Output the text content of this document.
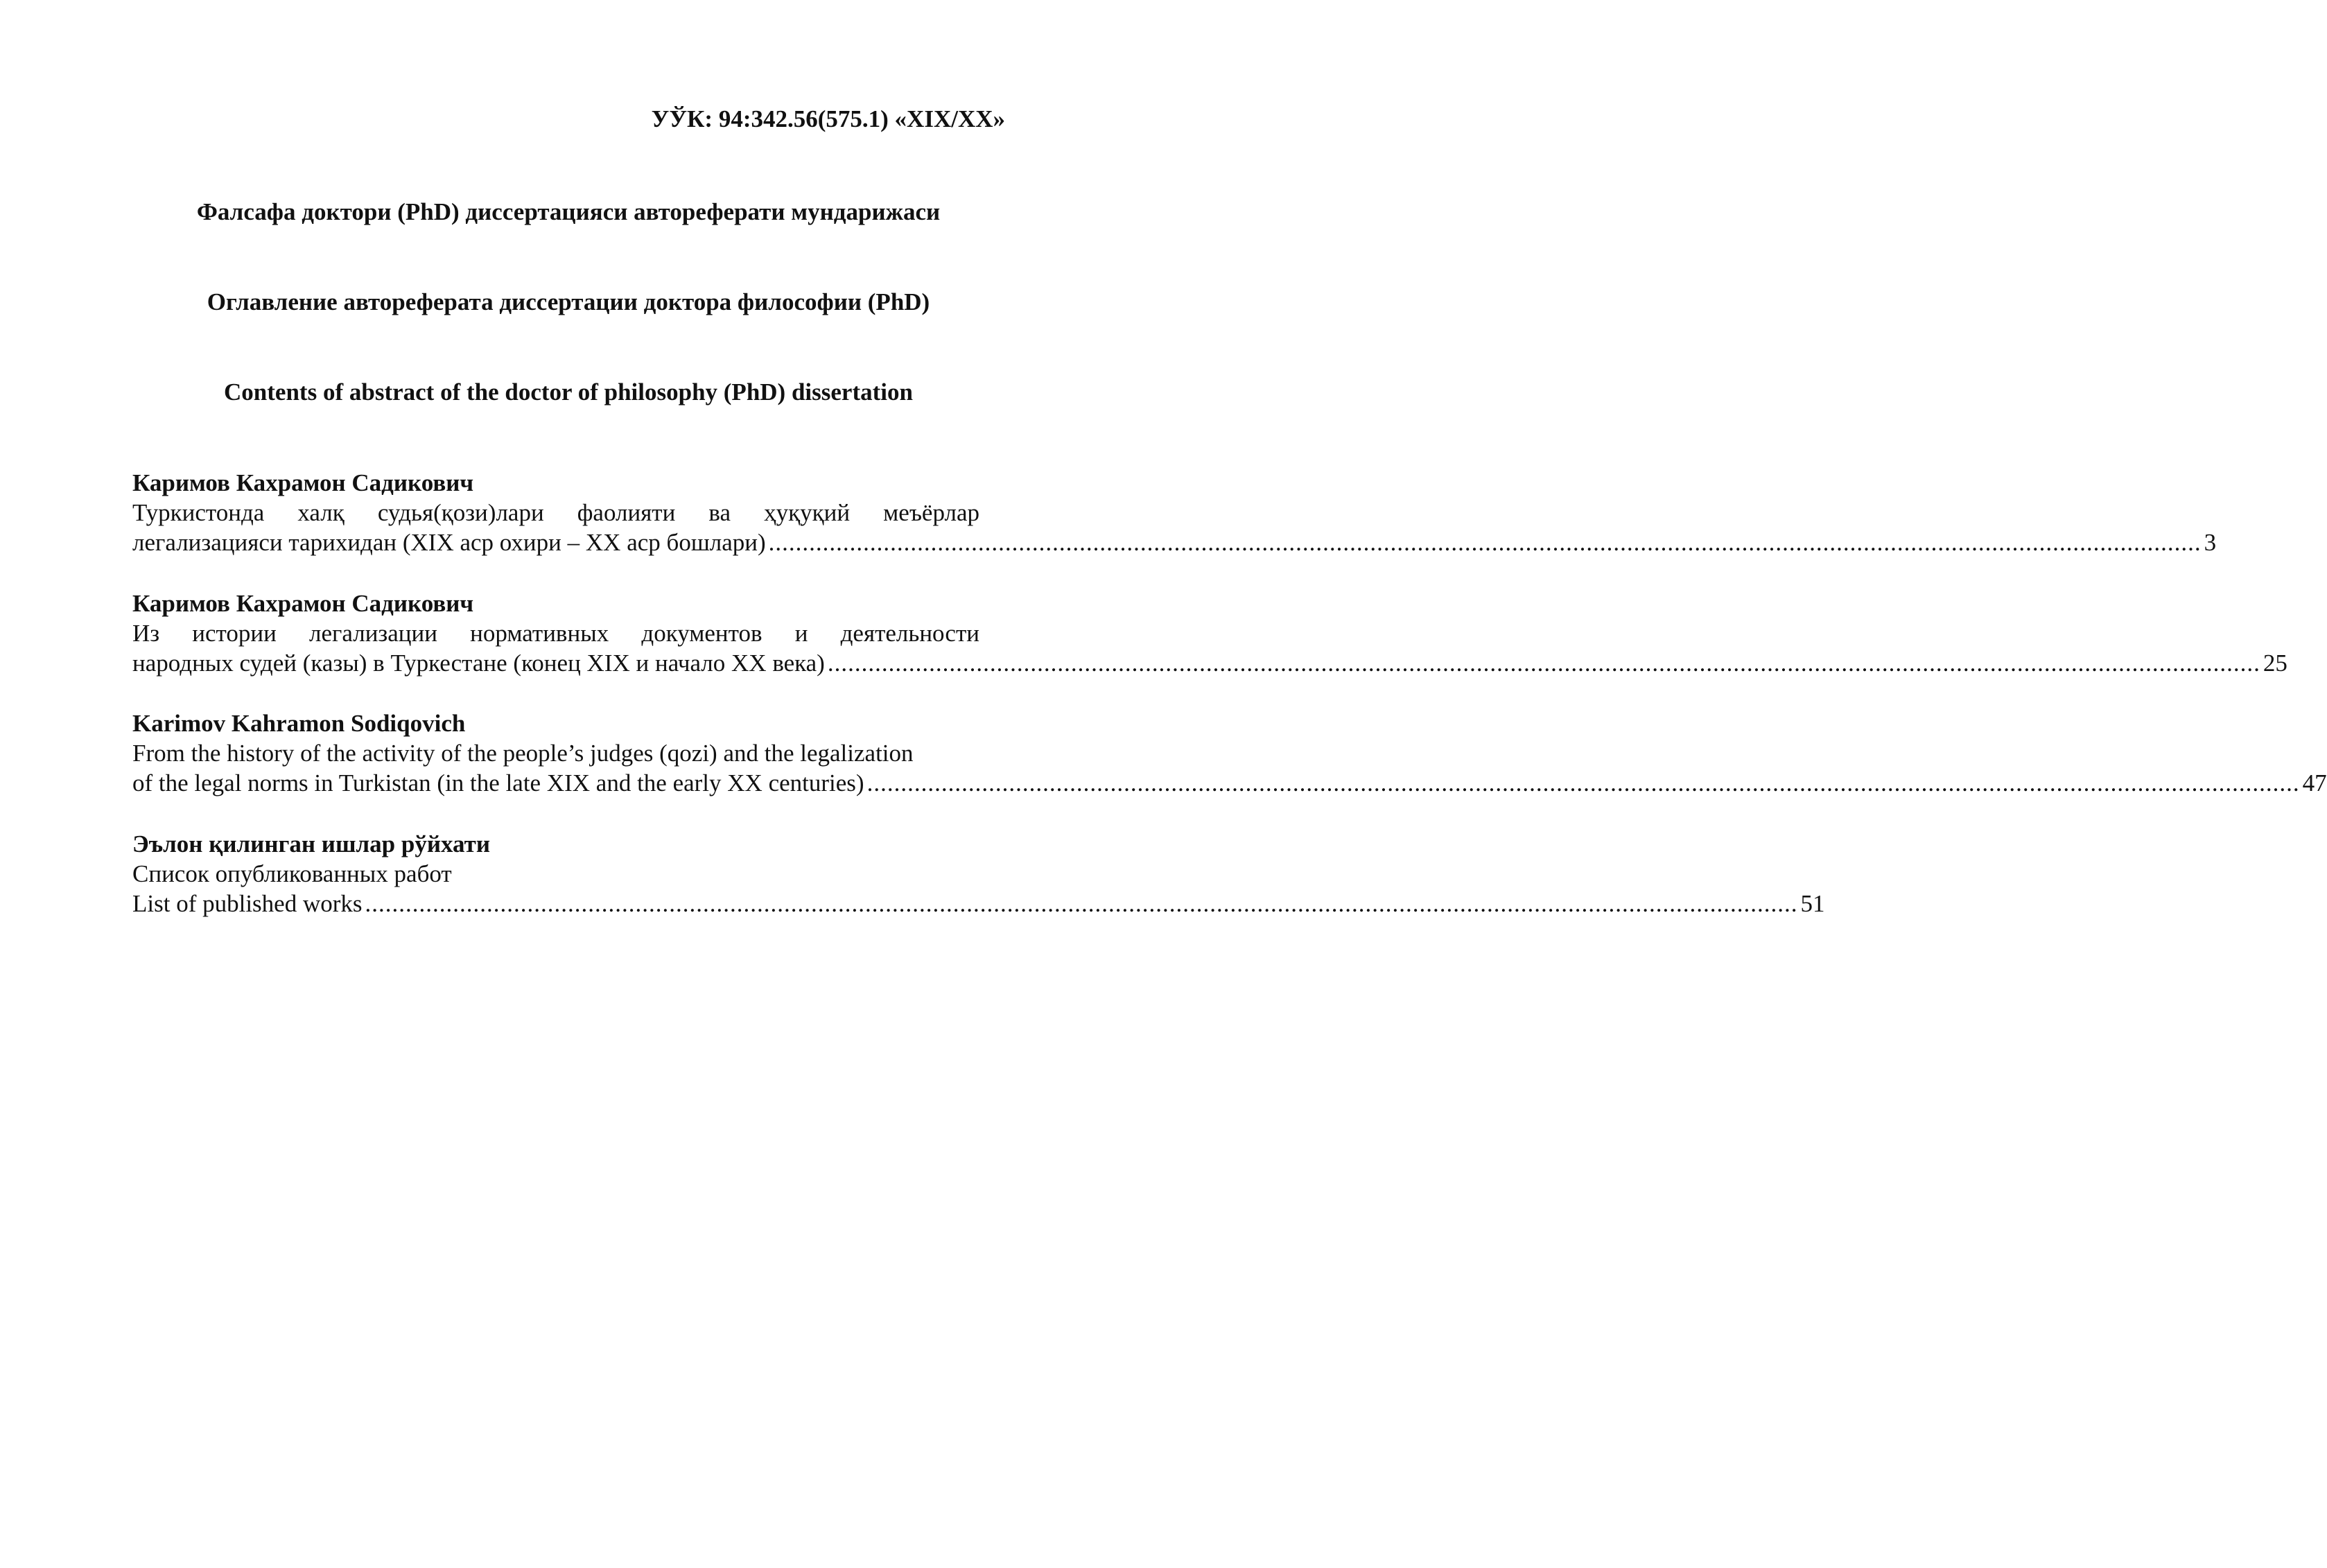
УЎК: 94:342.56(575.1) «XIX/XX»
Фалсафа доктори (PhD) диссертацияси автореферати мундарижаси
Оглавление автореферата диссертации доктора философии (PhD)
Contents of abstract of the doctor of philosophy (PhD) dissertation
Каримов Кахрамон Садикович
Туркистонда халқ судья(қози)лари фаолияти ва ҳуқуқий меъёрлар
легализацияси тарихидан (XIX аср охири – XX аср бошлари) .................................................................................................................................................................................................................... 3
Каримов Кахрамон Садикович
Из истории легализации нормативных документов и деятельности
народных судей (казы) в Туркестане (конец XIX и начало XX века) .................................................................................................................................................................................................................... 25
Karimov Kahramon Sodiqovich
From the history of the activity of the people’s judges (qozi) and the legalization
of the legal norms in Turkistan (in the late XIX and the early XX centuries) .................................................................................................................................................................................................................... 47
Эълон қилинган ишлар рўйхати
Список опубликованных работ
List of published works .................................................................................................................................................................................................................... 51
